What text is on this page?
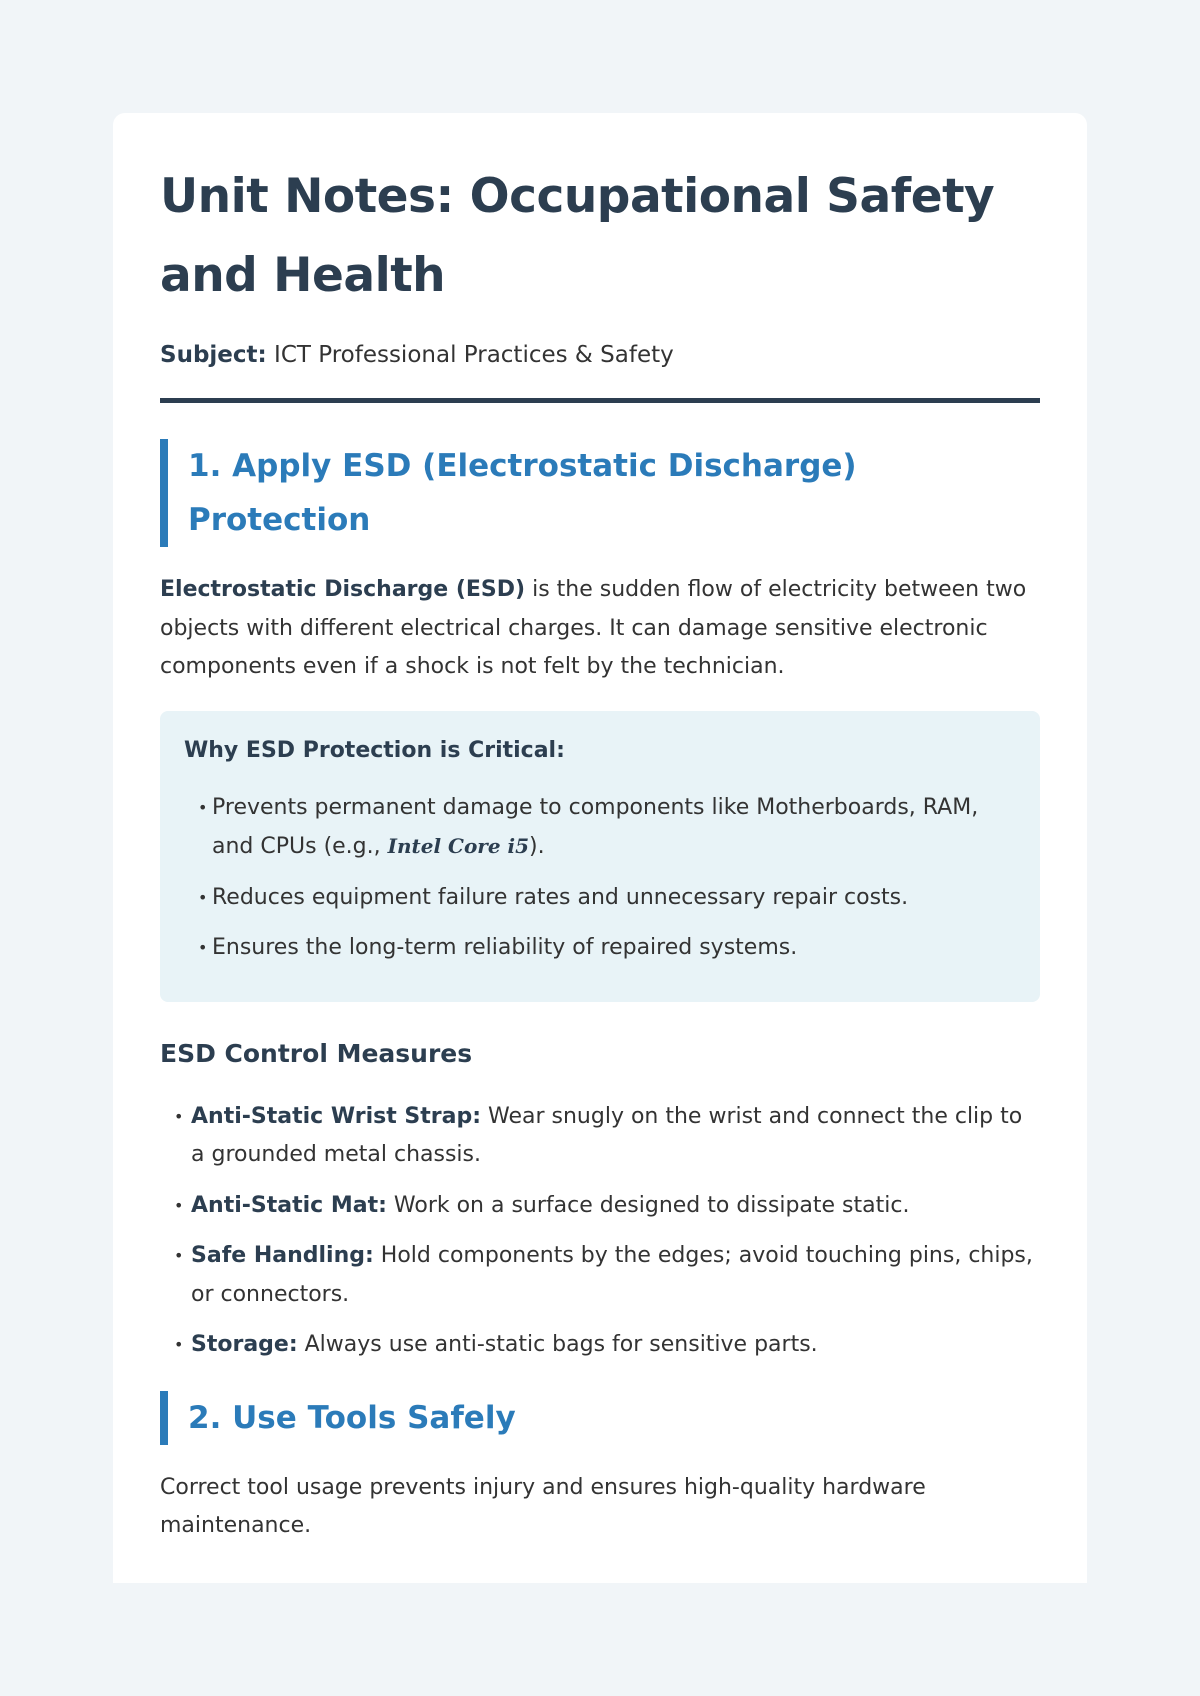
Unit Notes: Occupational Safety and Health

Subject: ICT Professional Practices & Safety

1. Apply ESD (Electrostatic Discharge) Protection

Electrostatic Discharge (ESD) is the sudden flow of electricity between two objects with different electrical charges. It can damage sensitive electronic components even if a shock is not felt by the technician.

Why ESD Protection is Critical:

• Prevents permanent damage to components like Motherboards, RAM, and CPUs (e.g., Intel Core i5).
• Reduces equipment failure rates and unnecessary repair costs.
• Ensures the long-term reliability of repaired systems.
ESD Control Measures
• Anti-Static Wrist Strap: Wear snugly on the wrist and connect the clip to a grounded metal chassis.
• Anti-Static Mat: Work on a surface designed to dissipate static.
• Safe Handling: Hold components by the edges; avoid touching pins, chips, or connectors.
• Storage: Always use anti-static bags for sensitive parts.
2. Use Tools Safely

Correct tool usage prevents injury and ensures high-quality hardware maintenance.
